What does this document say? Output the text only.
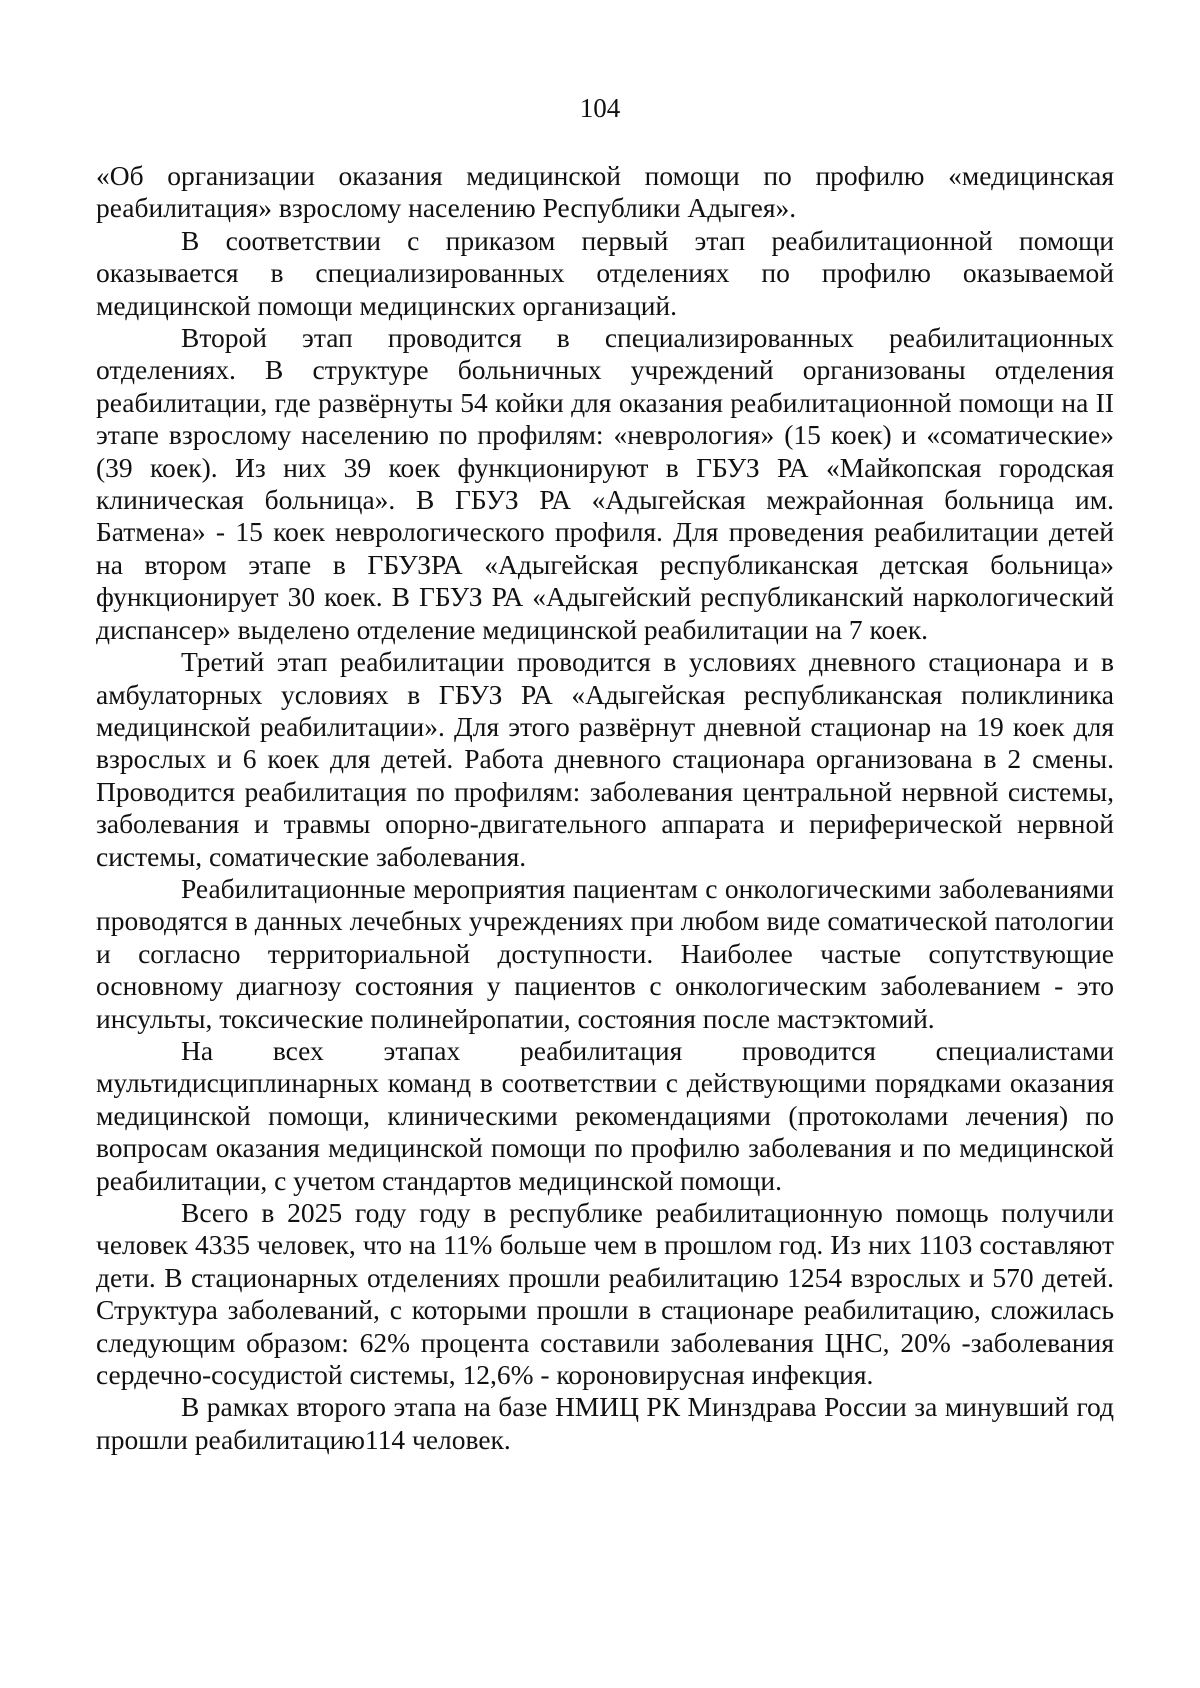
104

«Об организации оказания медицинской помощи по профилю «медицинская реабилитация» взрослому населению Республики Адыгея».

В соответствии с приказом первый этап реабилитационной помощи оказывается в специализированных отделениях по профилю оказываемой медицинской помощи медицинских организаций.

Второй этап проводится в специализированных реабилитационных отделениях. В структуре больничных учреждений организованы отделения реабилитации, где развёрнуты 54 койки для оказания реабилитационной помощи на II этапе взрослому населению по профилям: «неврология» (15 коек) и «соматические» (39 коек). Из них 39 коек функционируют в ГБУЗ РА «Майкопская городская клиническая больница». В ГБУЗ РА «Адыгейская межрайонная больница им. Батмена» - 15 коек неврологического профиля. Для проведения реабилитации детей на втором этапе в ГБУЗРА «Адыгейская республиканская детская больница» функционирует 30 коек. В ГБУЗ РА «Адыгейский республиканский наркологический диспансер» выделено отделение медицинской реабилитации на 7 коек.

Третий этап реабилитации проводится в условиях дневного стационара и в амбулаторных условиях в ГБУЗ РА «Адыгейская республиканская поликлиника медицинской реабилитации». Для этого развёрнут дневной стационар на 19 коек для взрослых и 6 коек для детей. Работа дневного стационара организована в 2 смены. Проводится реабилитация по профилям: заболевания центральной нервной системы, заболевания и травмы опорно-двигательного аппарата и периферической нервной системы, соматические заболевания.

Реабилитационные мероприятия пациентам с онкологическими заболеваниями проводятся в данных лечебных учреждениях при любом виде соматической патологии и согласно территориальной доступности. Наиболее частые сопутствующие основному диагнозу состояния у пациентов с онкологическим заболеванием - это инсульты, токсические полинейропатии, состояния после мастэктомий.

На всех этапах реабилитация проводится специалистами мультидисциплинарных команд в соответствии с действующими порядками оказания медицинской помощи, клиническими рекомендациями (протоколами лечения) по вопросам оказания медицинской помощи по профилю заболевания и по медицинской реабилитации, с учетом стандартов медицинской помощи.

Всего в 2025 году году в республике реабилитационную помощь получили человек 4335 человек, что на 11% больше чем в прошлом год. Из них 1103 составляют дети. В стационарных отделениях прошли реабилитацию 1254 взрослых и 570 детей. Структура заболеваний, с которыми прошли в стационаре реабилитацию, сложилась следующим образом: 62% процента составили заболевания ЦНС, 20% -заболевания сердечно-сосудистой системы, 12,6% - короновирусная инфекция.

В рамках второго этапа на базе НМИЦ РК Минздрава России за минувший год прошли реабилитацию114 человек.
